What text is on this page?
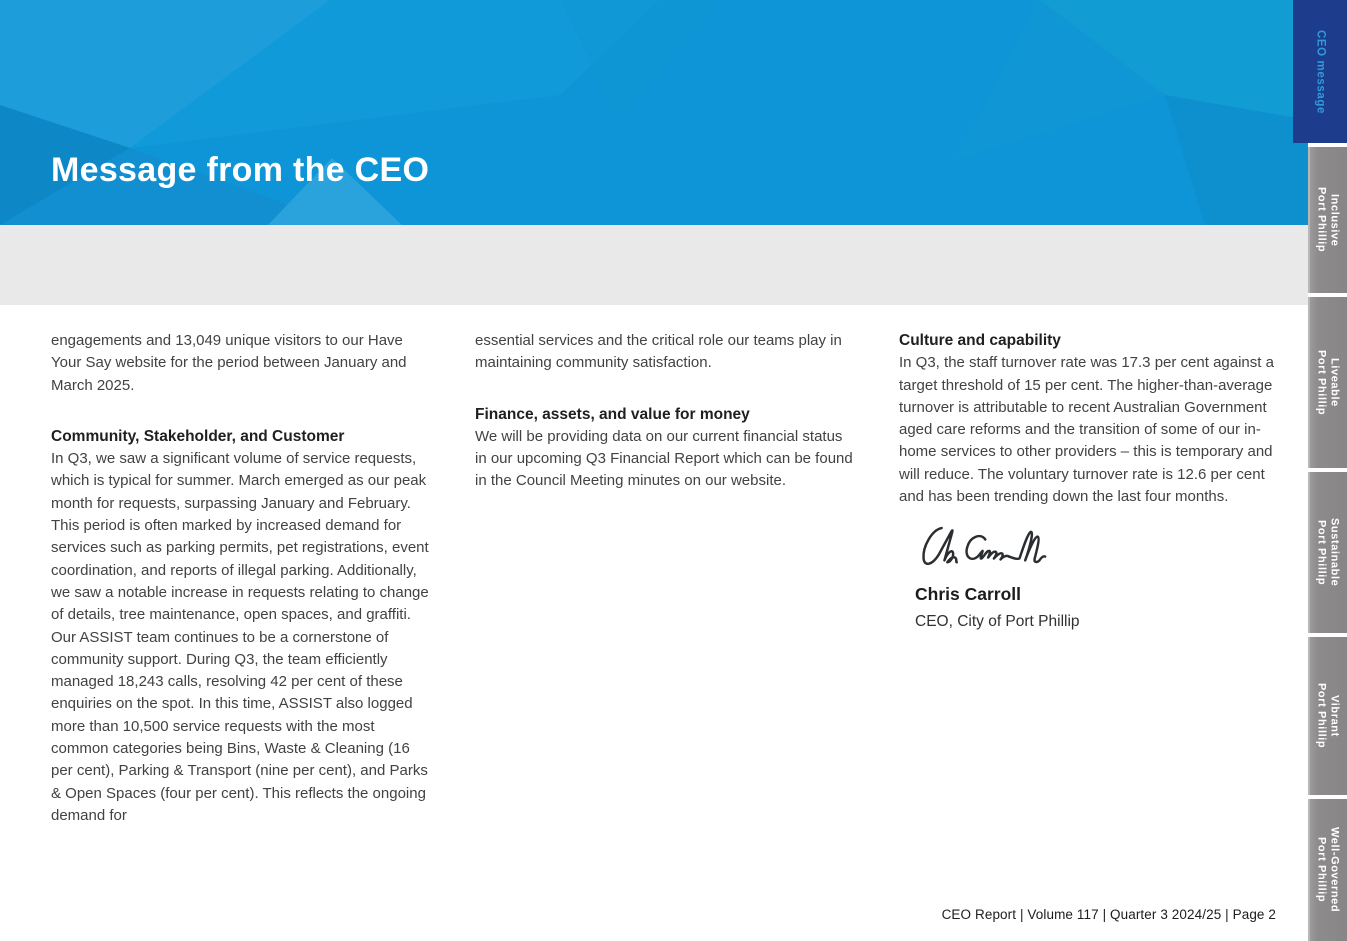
Message from the CEO

engagements and 13,049 unique visitors to our Have Your Say website for the period between January and March 2025.

Community, Stakeholder, and Customer

In Q3, we saw a significant volume of service requests, which is typical for summer. March emerged as our peak month for requests, surpassing January and February. This period is often marked by increased demand for services such as parking permits, pet registrations, event coordination, and reports of illegal parking. Additionally, we saw a notable increase in requests relating to change of details, tree maintenance, open spaces, and graffiti.

Our ASSIST team continues to be a cornerstone of community support. During Q3, the team efficiently managed 18,243 calls, resolving 42 per cent of these enquiries on the spot. In this time, ASSIST also logged more than 10,500 service requests with the most common categories being Bins, Waste & Cleaning (16 per cent), Parking & Transport (nine per cent), and Parks & Open Spaces (four per cent). This reflects the ongoing demand for

essential services and the critical role our teams play in maintaining community satisfaction.

Finance, assets, and value for money

We will be providing data on our current financial status in our upcoming Q3 Financial Report which can be found in the Council Meeting minutes on our website.

Culture and capability

In Q3, the staff turnover rate was 17.3 per cent against a target threshold of 15 per cent. The higher-than-average turnover is attributable to recent Australian Government aged care reforms and the transition of some of our in-home services to other providers – this is temporary and will reduce. The voluntary turnover rate is 12.6 per cent and has been trending down the last four months.

Chris Carroll
CEO, City of Port Phillip
CEO Report | Volume 117 | Quarter 3 2024/25 | Page 2
CEO message
Inclusive
Port Phillip
Liveable
Port Phillip
Sustainable
Port Phillip
Vibrant
Port Phillip
Well-Governed
Port Phillip
